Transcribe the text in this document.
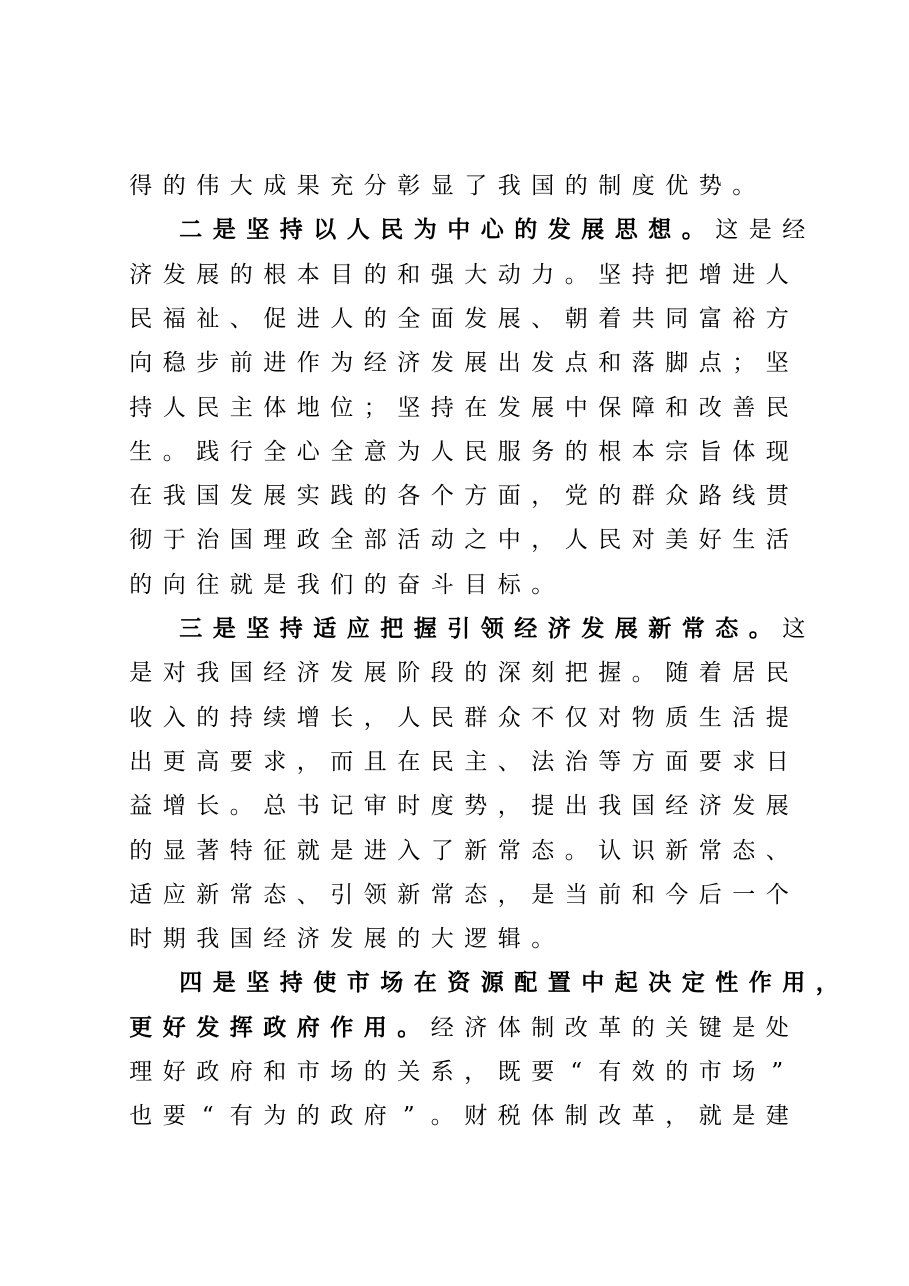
得 的 伟 大 成 果 充 分 彰 显 了 我 国 的 制 度 优 势 。
二 是 坚 持 以 人 民 为 中 心 的 发 展 思 想 。 这 是 经
济 发 展 的 根 本 目 的 和 强 大 动 力 。 坚 持 把 增 进 人
民 福 祉 、 促 进 人 的 全 面 发 展 、 朝 着 共 同 富 裕 方
向 稳 步 前 进 作 为 经 济 发 展 出 发 点 和 落 脚 点 ； 坚
持 人 民 主 体 地 位 ； 坚 持 在 发 展 中 保 障 和 改 善 民
生 。 践 行 全 心 全 意 为 人 民 服 务 的 根 本 宗 旨 体 现
在 我 国 发 展 实 践 的 各 个 方 面 ， 党 的 群 众 路 线 贯
彻 于 治 国 理 政 全 部 活 动 之 中 ， 人 民 对 美 好 生 活
的 向 往 就 是 我 们 的 奋 斗 目 标 。
三 是 坚 持 适 应 把 握 引 领 经 济 发 展 新 常 态 。 这
是 对 我 国 经 济 发 展 阶 段 的 深 刻 把 握 。 随 着 居 民
收 入 的 持 续 增 长 ， 人 民 群 众 不 仅 对 物 质 生 活 提
出 更 高 要 求 ， 而 且 在 民 主 、 法 治 等 方 面 要 求 日
益 增 长 。 总 书 记 审 时 度 势 ， 提 出 我 国 经 济 发 展
的 显 著 特 征 就 是 进 入 了 新 常 态 。 认 识 新 常 态 、
适 应 新 常 态 、 引 领 新 常 态 ， 是 当 前 和 今 后 一 个
时 期 我 国 经 济 发 展 的 大 逻 辑 。
四 是 坚 持 使 市 场 在 资 源 配 置 中 起 决 定 性 作 用 ，
更 好 发 挥 政 府 作 用 。 经 济 体 制 改 革 的 关 键 是 处
理 好 政 府 和 市 场 的 关 系 ， 既 要 “ 有 效 的 市 场 ”
也 要 “ 有 为 的 政 府 ” 。 财 税 体 制 改 革 ， 就 是 建
